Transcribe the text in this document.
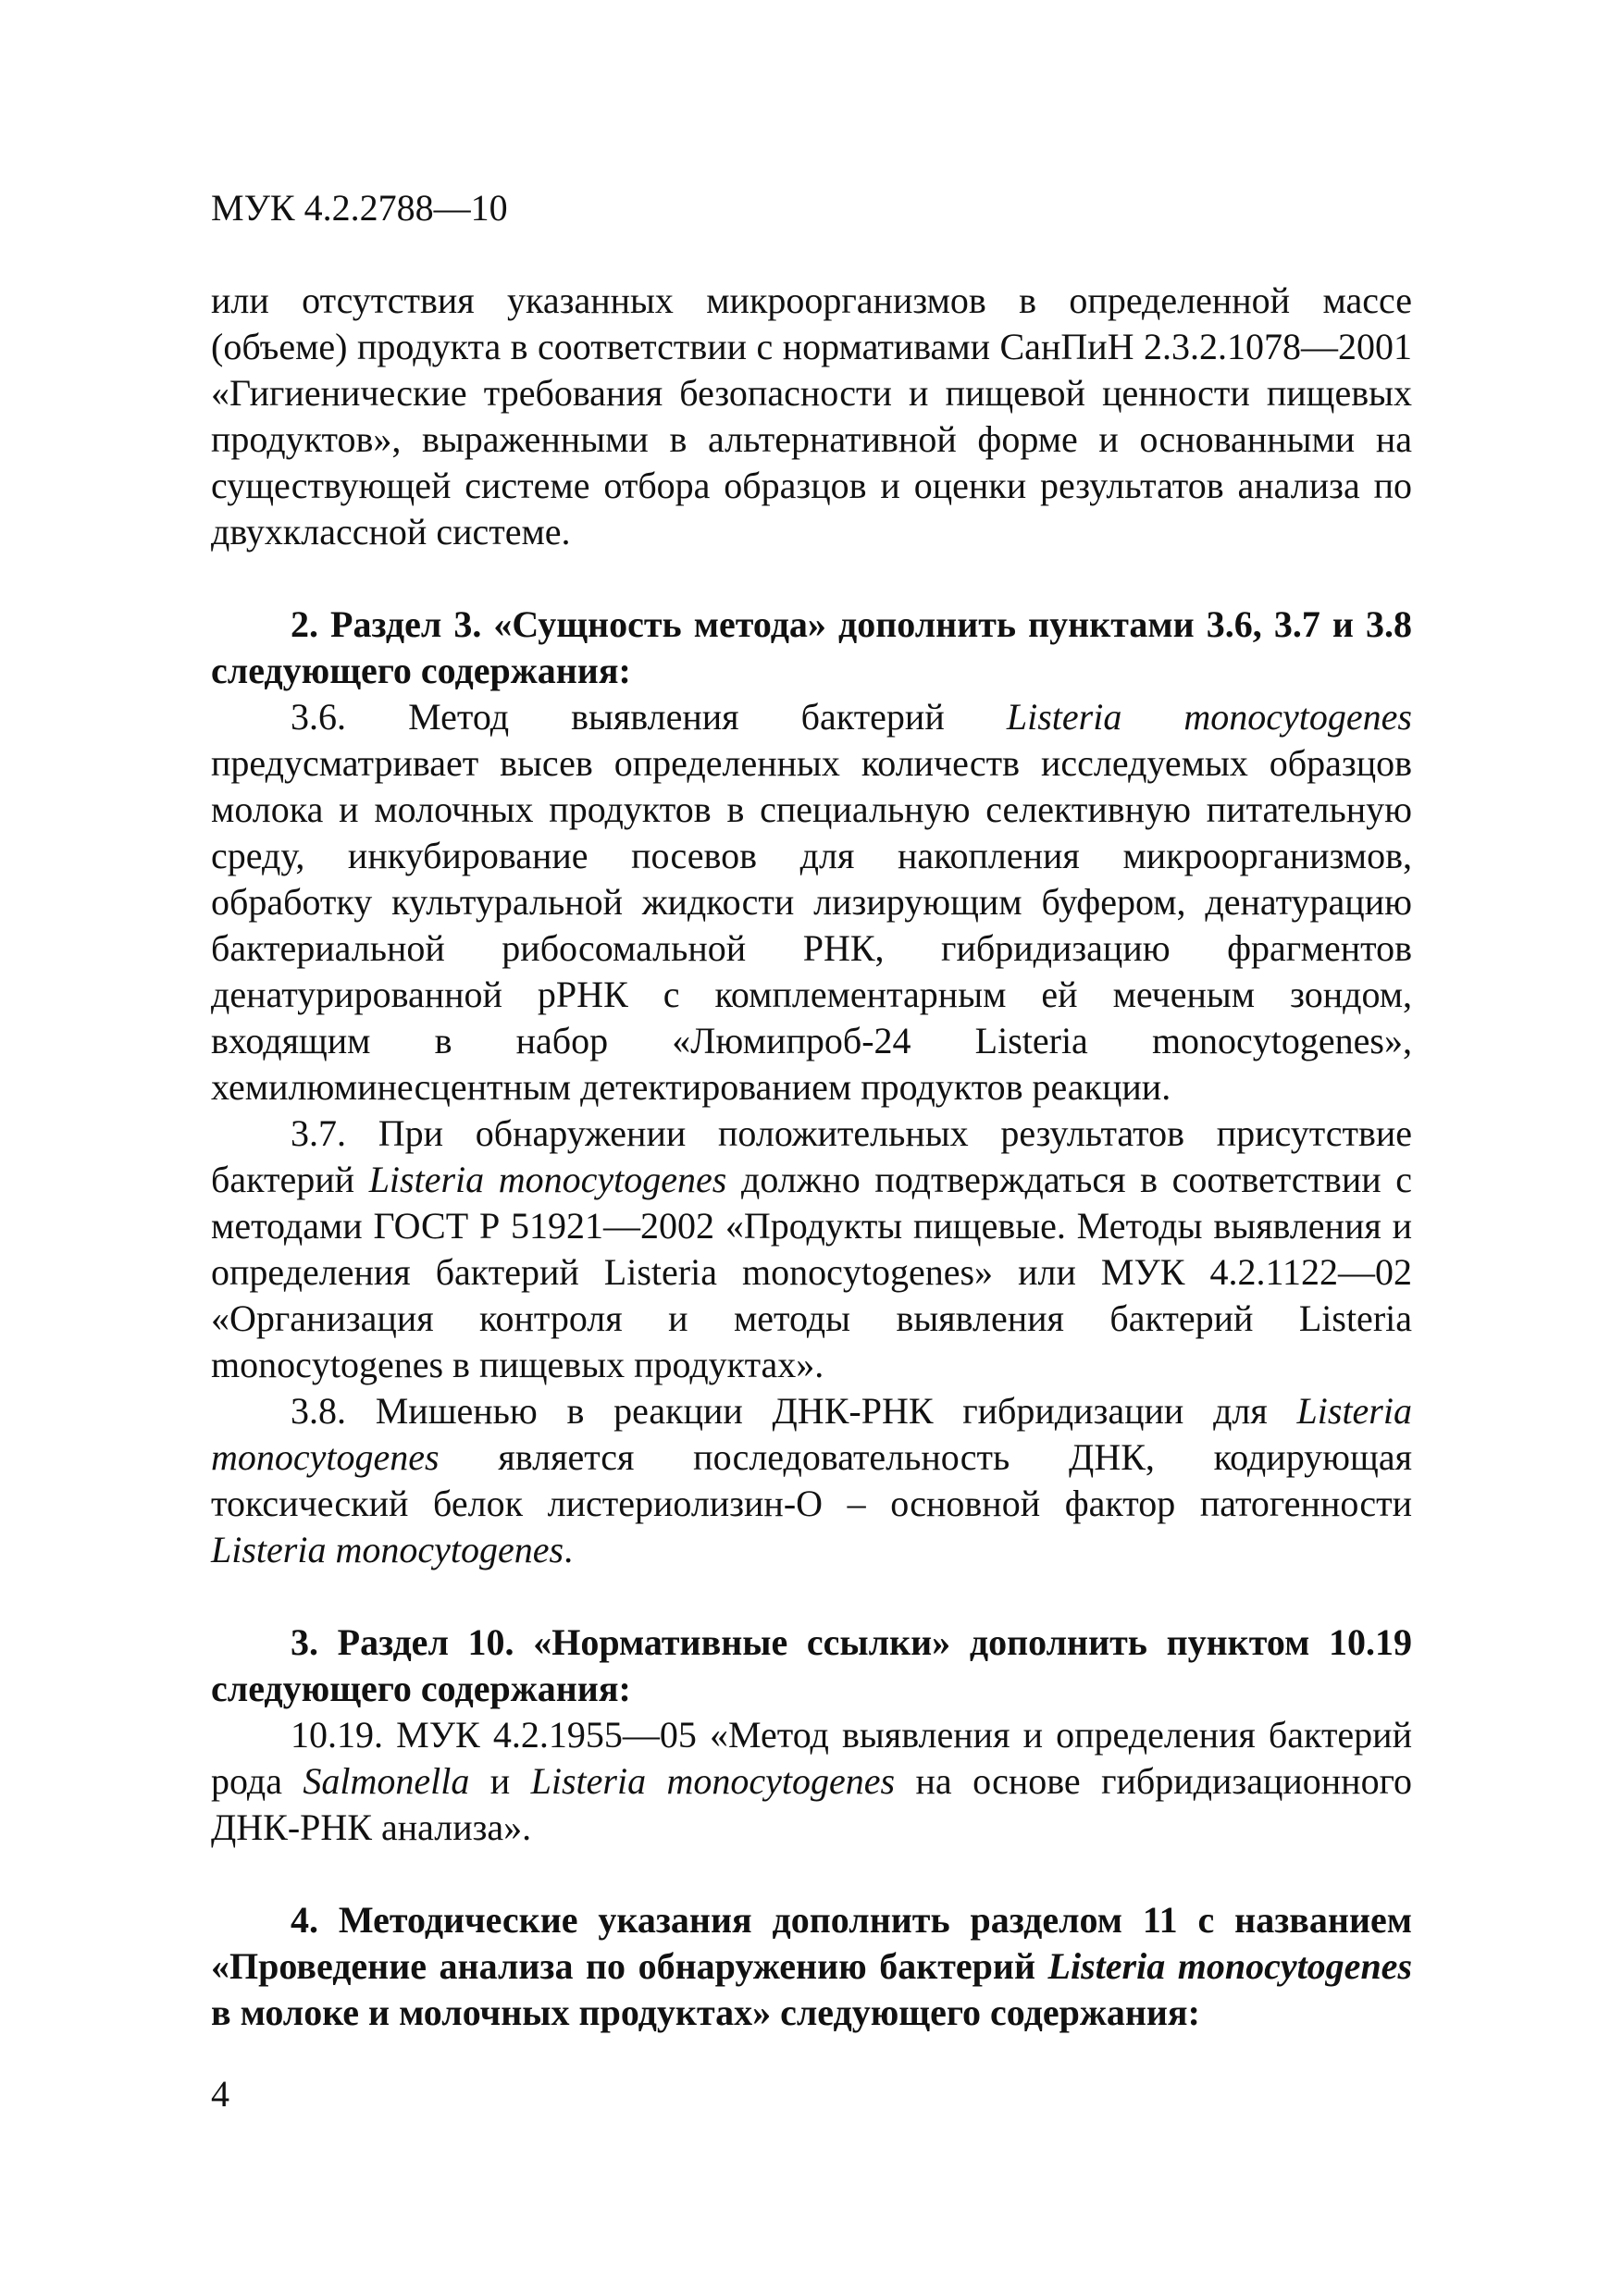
МУК 4.2.2788—10

или отсутствия указанных микроорганизмов в определенной массе (объеме) продукта в соответствии с нормативами СанПиН 2.3.2.1078—2001 «Гигиенические требования безопасности и пищевой ценности пищевых продуктов», выраженными в альтернативной форме и основанными на существующей системе отбора образцов и оценки результатов анализа по двухклассной системе.

2. Раздел 3. «Сущность метода» дополнить пунктами 3.6, 3.7 и 3.8 следующего содержания:

3.6. Метод выявления бактерий Listeria monocytogenes предусматривает высев определенных количеств исследуемых образцов молока и молочных продуктов в специальную селективную питательную среду, инкубирование посевов для накопления микроорганизмов, обработку культуральной жидкости лизирующим буфером, денатурацию бактериальной рибосомальной РНК, гибридизацию фрагментов денатурированной рРНК с комплементарным ей меченым зондом, входящим в набор «Люмипроб-24 Listeria monocytogenes», хемилюминесцентным детектированием продуктов реакции.

3.7. При обнаружении положительных результатов присутствие бактерий Listeria monocytogenes должно подтверждаться в соответствии с методами ГОСТ Р 51921—2002 «Продукты пищевые. Методы выявления и определения бактерий Listeria monocytogenes» или МУК 4.2.1122—02 «Организация контроля и методы выявления бактерий Listeria monocytogenes в пищевых продуктах».

3.8. Мишенью в реакции ДНК-РНК гибридизации для Listeria monocytogenes является последовательность ДНК, кодирующая токсический белок листериолизин-О – основной фактор патогенности Listeria monocytogenes.

3. Раздел 10. «Нормативные ссылки» дополнить пунктом 10.19 следующего содержания:

10.19. МУК 4.2.1955—05 «Метод выявления и определения бактерий рода Salmonella и Listeria monocytogenes на основе гибридизационного ДНК-РНК анализа».

4. Методические указания дополнить разделом 11 с названием «Проведение анализа по обнаружению бактерий Listeria monocytogenes в молоке и молочных продуктах» следующего содержания:

4
